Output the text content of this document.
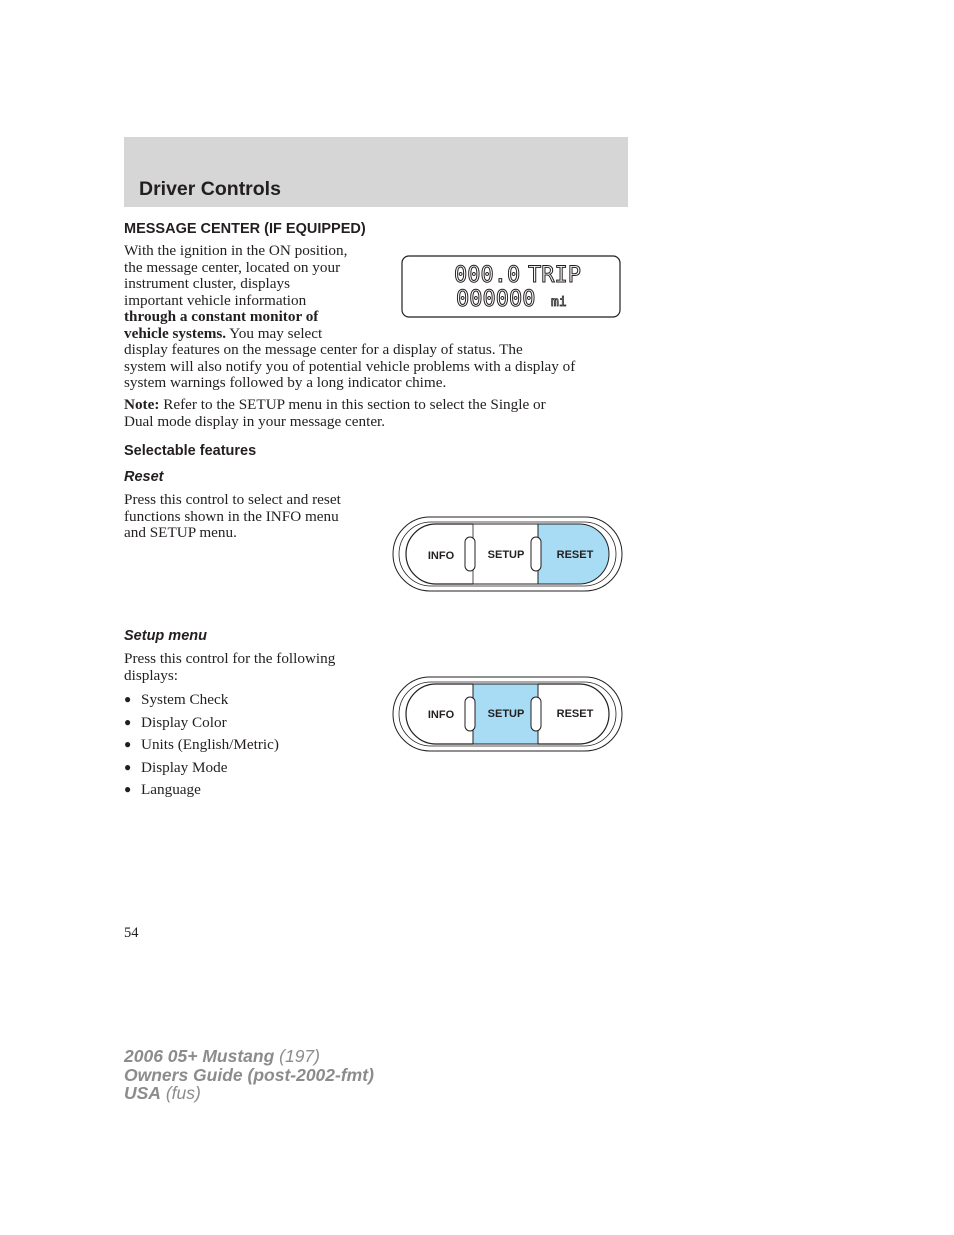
Driver Controls
MESSAGE CENTER (IF EQUIPPED)

With the ignition in the ON position,
the message center, located on your
instrument cluster, displays
important vehicle information
through a constant monitor of
vehicle systems. You may select
display features on the message center for a display of status. The
system will also notify you of potential vehicle problems with a display of
system warnings followed by a long indicator chime.

Note: Refer to the SETUP menu in this section to select the Single or
Dual mode display in your message center.

000.0 TRIP
000000 mi
Selectable features
Reset

Press this control to select and reset
functions shown in the INFO menu
and SETUP menu.

INFO	SETUP	RESET
Setup menu

Press this control for the following
displays:

● System Check
● Display Color
● Units (English/Metric)
● Display Mode
● Language
INFO	SETUP	RESET

54

2006 05+ Mustang (197)
Owners Guide (post-2002-fmt)
USA (fus)
